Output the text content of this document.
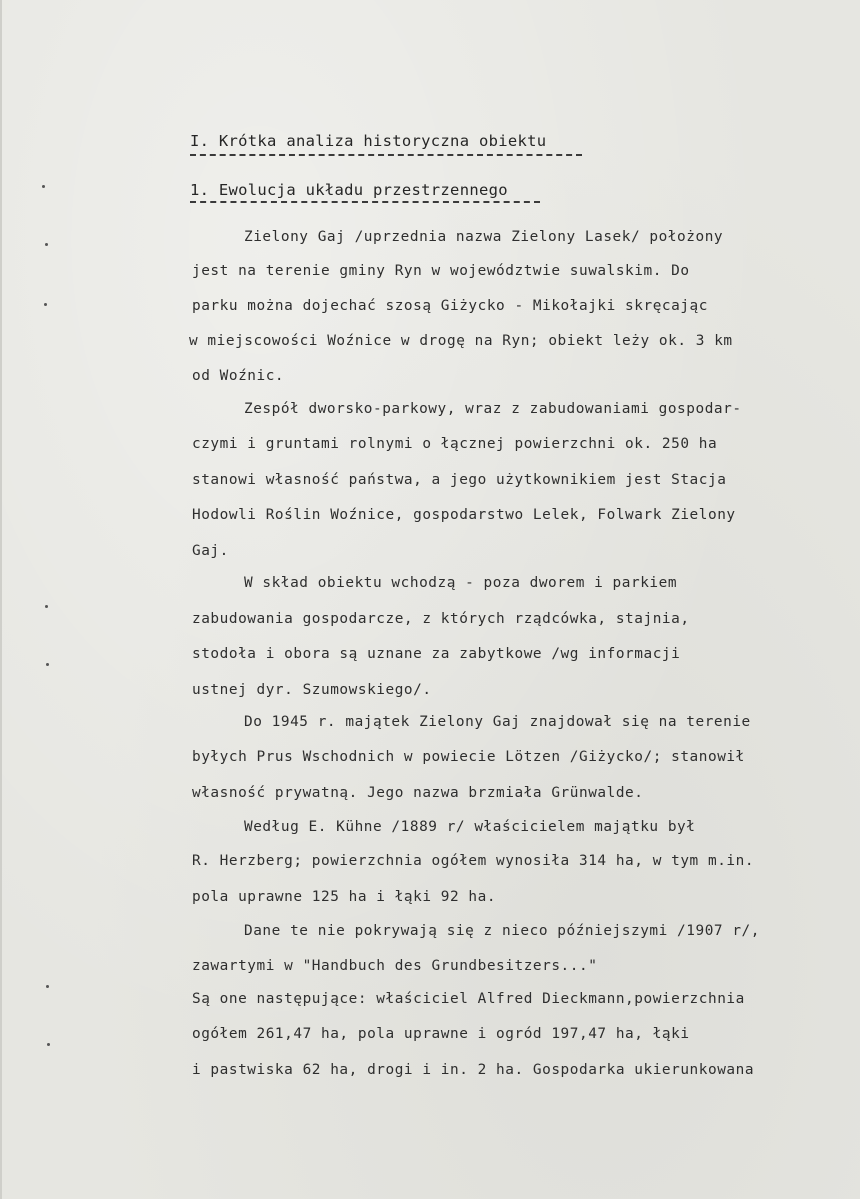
I. Krótka analiza historyczna obiektu
1. Ewolucja układu przestrzennego
Zielony Gaj /uprzednia nazwa Zielony Lasek/ położony
jest na terenie gminy Ryn w województwie suwalskim. Do
parku można dojechać szosą Giżycko - Mikołajki skręcając
w miejscowości Woźnice w drogę na Ryn; obiekt leży ok. 3 km
od Woźnic.
Zespół dworsko-parkowy, wraz z zabudowaniami gospodar-
czymi i gruntami rolnymi o łącznej powierzchni ok. 250 ha
stanowi własność państwa, a jego użytkownikiem jest Stacja
Hodowli Roślin Woźnice, gospodarstwo Lelek, Folwark Zielony
Gaj.
W skład obiektu wchodzą - poza dworem i parkiem
zabudowania gospodarcze, z których rządcówka, stajnia,
stodoła i obora są uznane za zabytkowe /wg informacji
ustnej dyr. Szumowskiego/.
Do 1945 r. majątek Zielony Gaj znajdował się na terenie
byłych Prus Wschodnich w powiecie Lötzen /Giżycko/; stanowił
własność prywatną. Jego nazwa brzmiała Grünwalde.
Według E. Kühne /1889 r/ właścicielem majątku był
R. Herzberg; powierzchnia ogółem wynosiła 314 ha, w tym m.in.
pola uprawne 125 ha i łąki 92 ha.
Dane te nie pokrywają się z nieco późniejszymi /1907 r/,
zawartymi w "Handbuch des Grundbesitzers..."
Są one następujące: właściciel Alfred Dieckmann,powierzchnia
ogółem 261,47 ha, pola uprawne i ogród 197,47 ha, łąki
i pastwiska 62 ha, drogi i in. 2 ha. Gospodarka ukierunkowana
